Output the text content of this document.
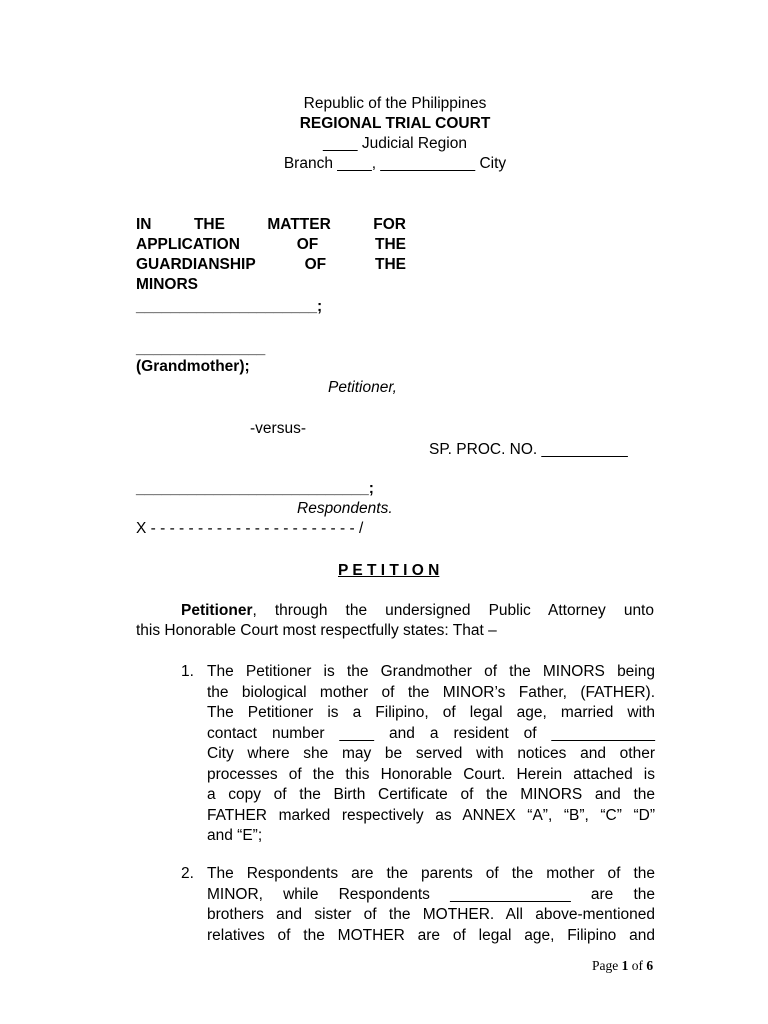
Republic of the Philippines
REGIONAL TRIAL COURT
____ Judicial Region
Branch ____, ___________ City
IN	THE	MATTER	FOR
APPLICATION	OF	THE
GUARDIANSHIP	OF	THE
MINORS
_____________________;
_______________
(Grandmother);
Petitioner,
-versus-
SP. PROC. NO. __________
___________________________;
Respondents.
X - - - - - - - - - - - - - - - - - - - - - - /
P E T I T I O N
Petitioner, through the undersigned Public Attorney unto
this Honorable Court most respectfully states: That –
1. The Petitioner is the Grandmother of the MINORS being
the biological mother of the MINOR’s Father, (FATHER).
The Petitioner is a Filipino, of legal age, married with
contact number ____ and a resident of ____________
City where she may be served with notices and other
processes of the this Honorable Court. Herein attached is
a copy of the Birth Certificate of the MINORS and the
FATHER marked respectively as ANNEX “A”, “B”, “C” “D”
and “E”;
2. The Respondents are the parents of the mother of the
MINOR, while Respondents ______________ are the
brothers and sister of the MOTHER. All above-mentioned
relatives of the MOTHER are of legal age, Filipino and
Page 1 of 6
